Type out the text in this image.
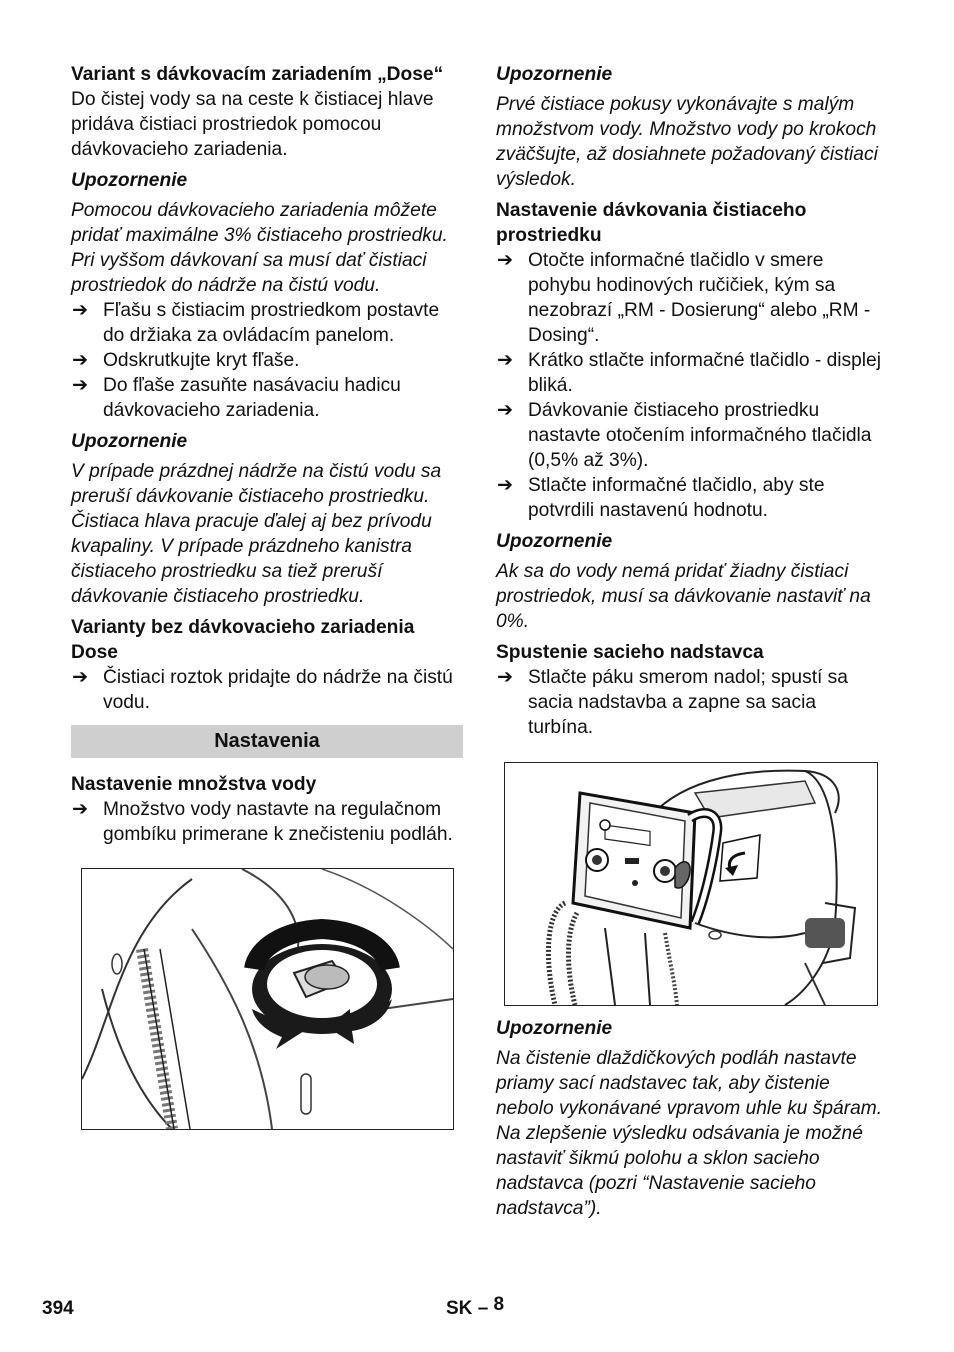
Variant s dávkovacím zariadením „Dose“

Do čistej vody sa na ceste k čistiacej hlave pridáva čistiaci prostriedok pomocou dávkovacieho zariadenia.

Upozornenie

Pomocou dávkovacieho zariadenia môžete pridať maximálne 3% čistiaceho prostriedku. Pri vyššom dávkovaní sa musí dať čistiaci prostriedok do nádrže na čistú vodu.

➔ Fľašu s čistiacim prostriedkom postavte do držiaka za ovládacím panelom.

➔ Odskrutkujte kryt fľaše.

➔ Do fľaše zasuňte nasávaciu hadicu dávkovacieho zariadenia.

Upozornenie

V prípade prázdnej nádrže na čistú vodu sa preruší dávkovanie čistiaceho prostriedku. Čistiaca hlava pracuje ďalej aj bez prívodu kvapaliny. V prípade prázdneho kanistra čistiaceho prostriedku sa tiež preruší dávkovanie čistiaceho prostriedku.

Varianty bez dávkovacieho zariadenia Dose

➔ Čistiaci roztok pridajte do nádrže na čistú vodu.

Nastavenia

Nastavenie množstva vody

➔ Množstvo vody nastavte na regulačnom gombíku primerane k znečisteniu podláh.

Upozornenie

Prvé čistiace pokusy vykonávajte s malým množstvom vody. Množstvo vody po krokoch zväčšujte, až dosiahnete požadovaný čistiaci výsledok.

Nastavenie dávkovania čistiaceho prostriedku

➔ Otočte informačné tlačidlo v smere pohybu hodinových ručičiek, kým sa nezobrazí „RM - Dosierung“ alebo „RM - Dosing“.

➔ Krátko stlačte informačné tlačidlo - displej bliká.

➔ Dávkovanie čistiaceho prostriedku nastavte otočením informačného tlačidla (0,5% až 3%).

➔ Stlačte informačné tlačidlo, aby ste potvrdili nastavenú hodnotu.

Upozornenie

Ak sa do vody nemá pridať žiadny čistiaci prostriedok, musí sa dávkovanie nastaviť na 0%.

Spustenie sacieho nadstavca

➔ Stlačte páku smerom nadol; spustí sa sacia nadstavba a zapne sa sacia turbína.

Upozornenie

Na čistenie dlaždičkových podláh nastavte priamy sací nadstavec tak, aby čistenie nebolo vykonávané vpravom uhle ku špáram.

Na zlepšenie výsledku odsávania je možné nastaviť šikmú polohu a sklon sacieho nadstavca (pozri “Nastavenie sacieho nadstavca”).

394	SK – 8
